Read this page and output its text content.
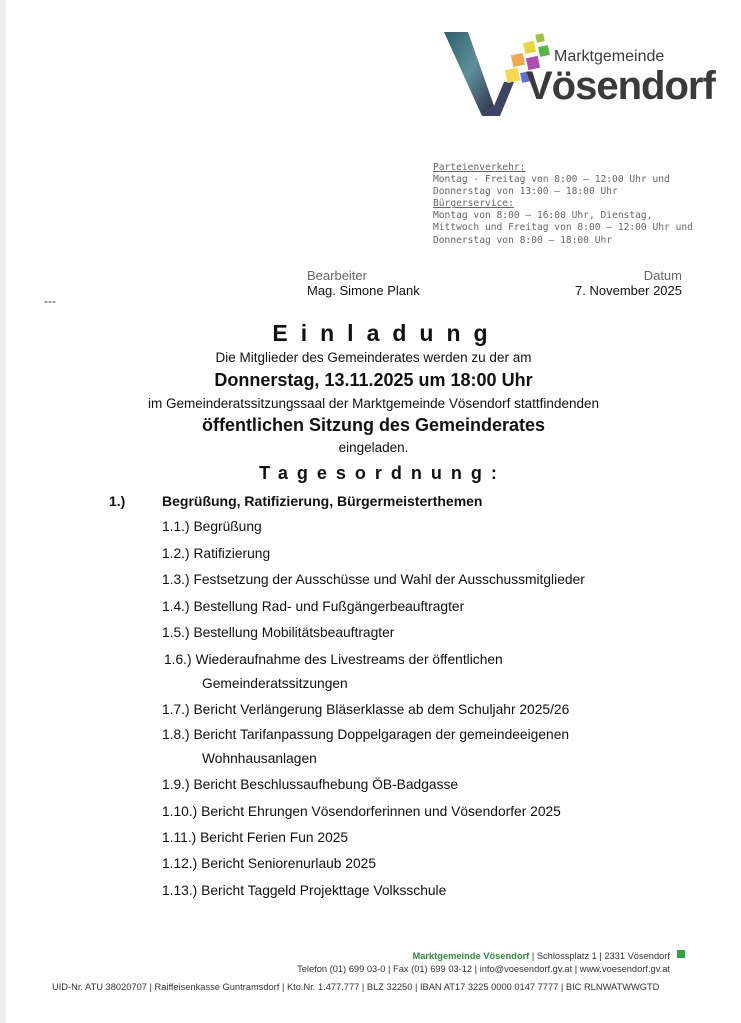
Marktgemeinde
Vösendorf
Parteienverkehr:
Montag - Freitag von 8:00 – 12:00 Uhr und
Donnerstag von 13:00 – 18:00 Uhr
Bürgerservice:
Montag von 8:00 – 16:00 Uhr, Dienstag,
Mittwoch und Freitag von 8:00 – 12:00 Uhr und
Donnerstag von 8:00 – 18:00 Uhr
Bearbeiter
Mag. Simone Plank
Datum
7. November 2025
---
Einladung
Die Mitglieder des Gemeinderates werden zu der am
Donnerstag, 13.11.2025 um 18:00 Uhr
im Gemeinderatssitzungssaal der Marktgemeinde Vösendorf stattfindenden
öffentlichen Sitzung des Gemeinderates
eingeladen.
Tagesordnung:
1.)	Begrüßung, Ratifizierung, Bürgermeisterthemen
1.1.) Begrüßung
1.2.) Ratifizierung
1.3.) Festsetzung der Ausschüsse und Wahl der Ausschussmitglieder
1.4.) Bestellung Rad- und Fußgängerbeauftragter
1.5.) Bestellung Mobilitätsbeauftragter
1.6.) Wiederaufnahme des Livestreams der öffentlichen
Gemeinderatssitzungen
1.7.) Bericht Verlängerung Bläserklasse ab dem Schuljahr 2025/26
1.8.) Bericht Tarifanpassung Doppelgaragen der gemeindeeigenen
Wohnhausanlagen
1.9.) Bericht Beschlussaufhebung ÖB-Badgasse
1.10.) Bericht Ehrungen Vösendorferinnen und Vösendorfer 2025
1.11.) Bericht Ferien Fun 2025
1.12.) Bericht Seniorenurlaub 2025
1.13.) Bericht Taggeld Projekttage Volksschule
Marktgemeinde Vösendorf | Schlossplatz 1 | 2331 Vösendorf
Telefon (01) 699 03-0 | Fax (01) 699 03-12 | info@voesendorf.gv.at | www.voesendorf.gv.at
UID-Nr. ATU 38020707 | Raiffeisenkasse Guntramsdorf | Kto.Nr. 1.477.777 | BLZ 32250 | IBAN AT17 3225 0000 0147 7777 | BIC RLNWATWWGTD
